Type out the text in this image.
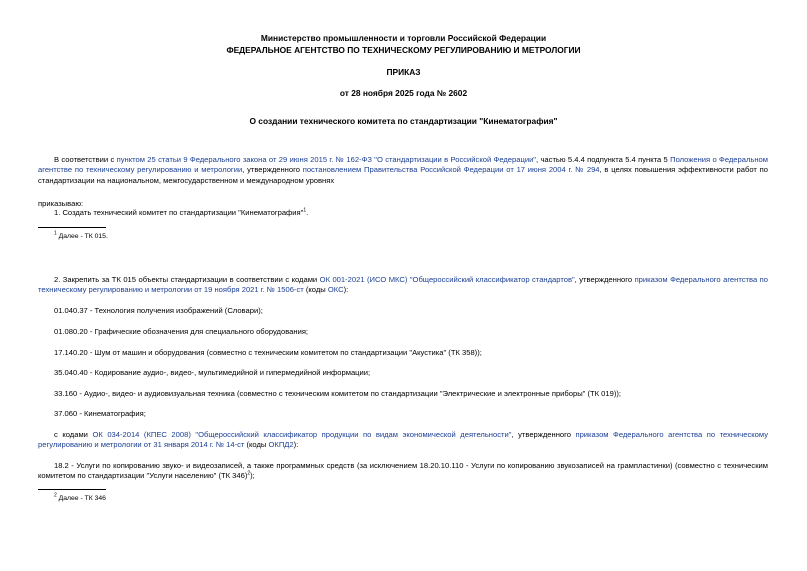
Министерство промышленности и торговли Российской Федерации
ФЕДЕРАЛЬНОЕ АГЕНТСТВО ПО ТЕХНИЧЕСКОМУ РЕГУЛИРОВАНИЮ И МЕТРОЛОГИИ
ПРИКАЗ
от 28 ноября 2025 года № 2602
О создании технического комитета по стандартизации "Кинематография"
В соответствии с пунктом 25 статьи 9 Федерального закона от 29 июня 2015 г. № 162-ФЗ "О стандартизации в Российской Федерации", частью 5.4.4 подпункта 5.4 пункта 5 Положения о Федеральном агентстве по техническому регулированию и метрологии, утвержденного постановлением Правительства Российской Федерации от 17 июня 2004 г. № 294, в целях повышения эффективности работ по стандартизации на национальном, межгосударственном и международном уровнях
приказываю:
1. Создать технический комитет по стандартизации "Кинематография"$^1$.
$^1$ Далее - ТК 015.
2. Закрепить за ТК 015 объекты стандартизации в соответствии с кодами ОК 001-2021 (ИСО МКС) "Общероссийский классификатор стандартов", утвержденного приказом Федерального агентства по техническому регулированию и метрологии от 19 ноября 2021 г. № 1506-ст (коды ОКС):
01.040.37 - Технология получения изображений (Словари);
01.080.20 - Графические обозначения для специального оборудования;
17.140.20 - Шум от машин и оборудования (совместно с техническим комитетом по стандартизации "Акустика" (ТК 358));
35.040.40 - Кодирование аудио-, видео-, мультимедийной и гипермедийной информации;
33.160 - Аудио-, видео- и аудиовизуальная техника (совместно с техническим комитетом по стандартизации "Электрические и электронные приборы" (ТК 019));
37.060 - Кинематография;
с кодами ОК 034-2014 (КПЕС 2008) "Общероссийский классификатор продукции по видам экономической деятельности", утвержденного приказом Федерального агентства по техническому регулированию и метрологии от 31 января 2014 г. № 14-ст (коды ОКПД2):
18.2 - Услуги по копированию звуко- и видеозаписей, а также программных средств (за исключением 18.20.10.110 - Услуги по копированию звукозаписей на грампластинки) (совместно с техническим комитетом по стандартизации "Услуги населению" (ТК 346)$^2$);
$^2$ Далее - ТК 346
